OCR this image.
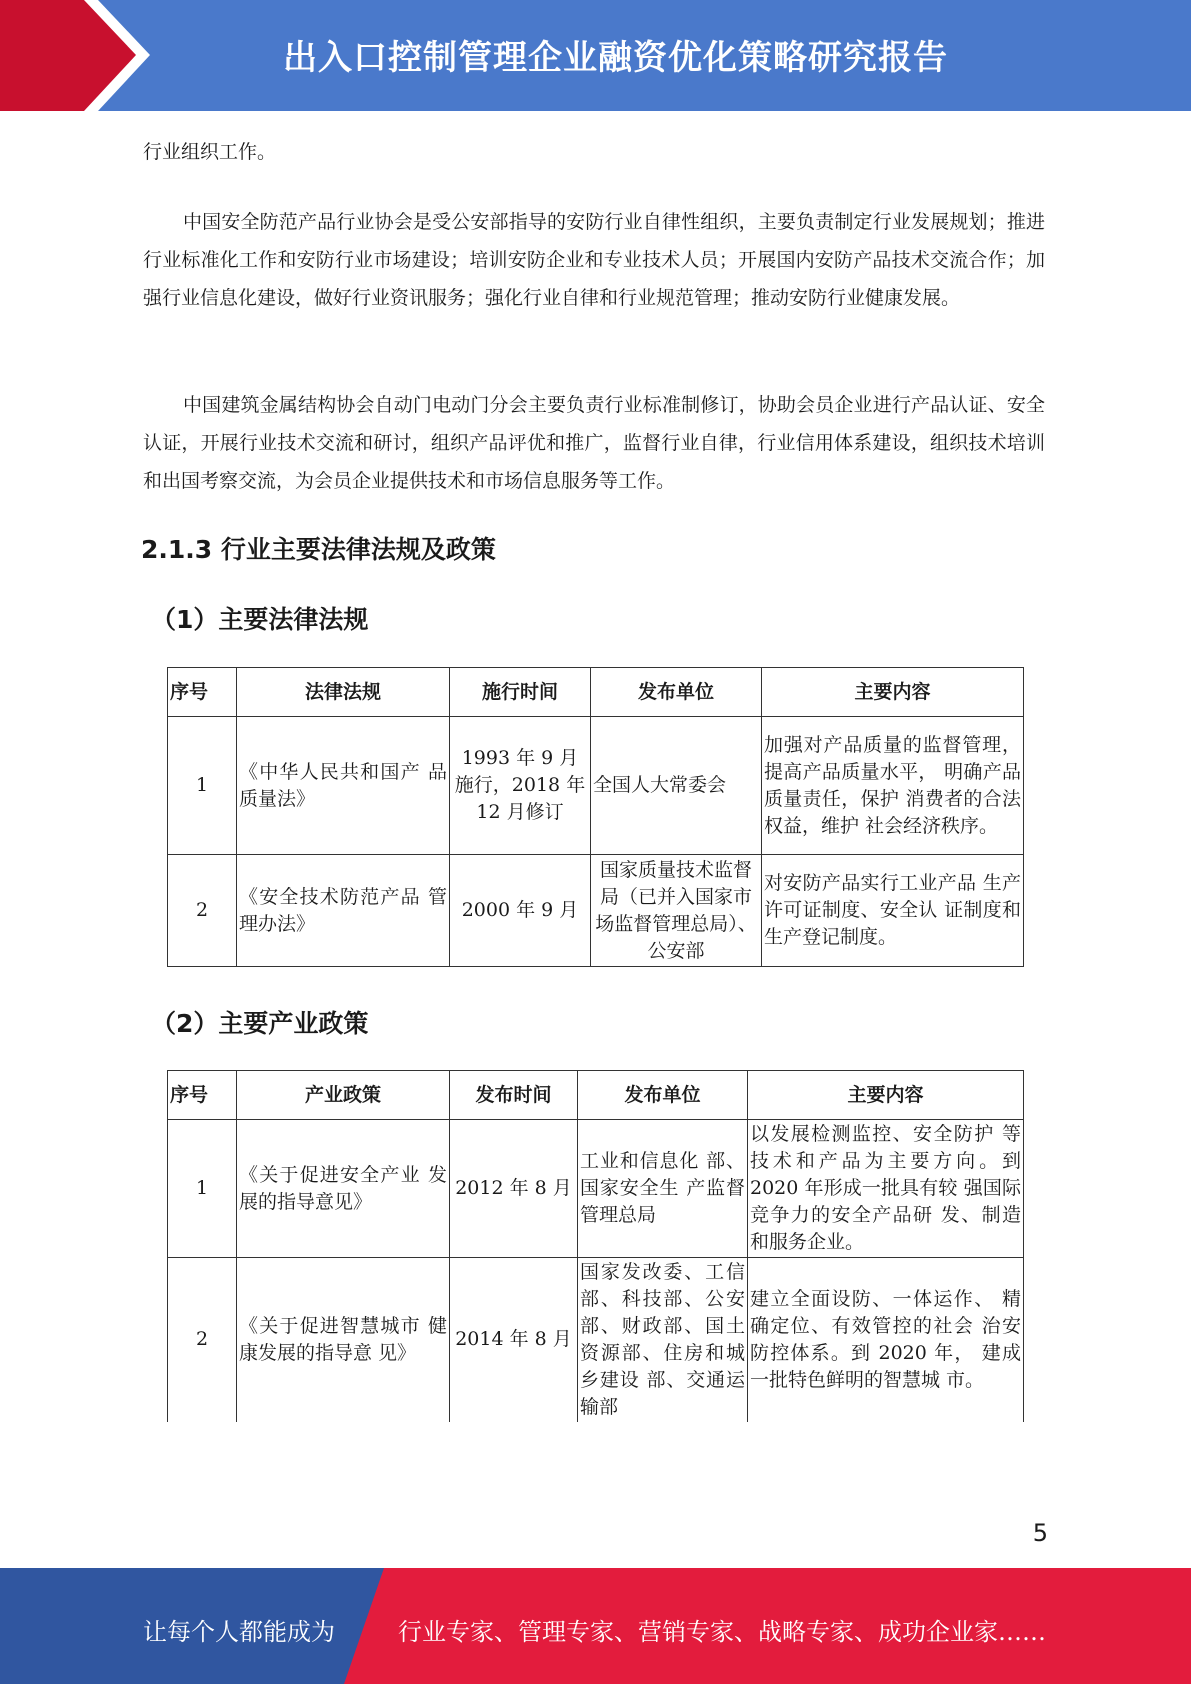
出入口控制管理企业融资优化策略研究报告

行业组织工作。

中国安全防范产品行业协会是受公安部指导的安防行业自律性组织，主要负责制定行业发展规划；推进行业标准化工作和安防行业市场建设；培训安防企业和专业技术人员；开展国内安防产品技术交流合作；加强行业信息化建设，做好行业资讯服务；强化行业自律和行业规范管理；推动安防行业健康发展。

中国建筑金属结构协会自动门电动门分会主要负责行业标准制修订，协助会员企业进行产品认证、安全认证，开展行业技术交流和研讨，组织产品评优和推广，监督行业自律，行业信用体系建设，组织技术培训和出国考察交流，为会员企业提供技术和市场信息服务等工作。

2.1.3 行业主要法律法规及政策
（1）主要法律法规
序号	法律法规	施行时间	发布单位	主要内容
1	《中华人民共和国产 品质量法》	1993 年 9 月 施行，2018 年 12 月修订	全国人大常委会	加强对产品质量的监督管理，提高产品质量水平， 明确产品质量责任，保护 消费者的合法权益，维护 社会经济秩序。
2	《安全技术防范产品 管理办法》	2000 年 9 月	国家质量技术监督局（已并入国家市场监督管理总局）、公安部	对安防产品实行工业产品 生产许可证制度、安全认 证制度和生产登记制度。
（2）主要产业政策
序号	产业政策	发布时间	发布单位	主要内容
1	《关于促进安全产业 发展的指导意见》	2012 年 8 月	工业和信息化 部、国家安全生 产监督管理总局	以发展检测监控、安全防护 等技术和产品为主要方向。到 2020 年形成一批具有较 强国际竞争力的安全产品研 发、制造和服务企业。
2	《关于促进智慧城市 健康发展的指导意 见》	2014 年 8 月	国家发改委、工信部、科技部、公安部、财政部、国土资源部、住房和城乡建设 部、交通运输部	建立全面设防、一体运作、 精确定位、有效管控的社会 治安防控体系。到 2020 年， 建成一批特色鲜明的智慧城 市。
5
让每个人都能成为	行业专家、管理专家、营销专家、战略专家、成功企业家……
